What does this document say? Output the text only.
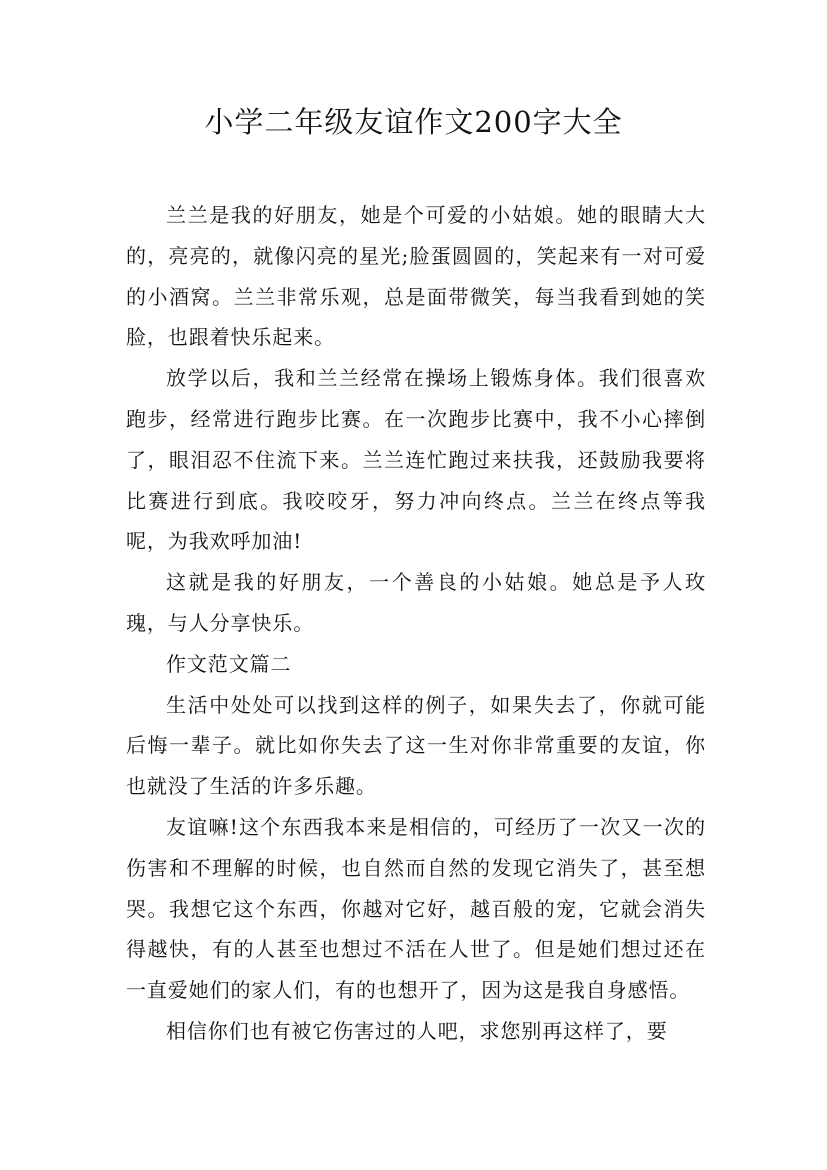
小学二年级友谊作文200字大全

兰兰是我的好朋友，她是个可爱的小姑娘。她的眼睛大大的，亮亮的，就像闪亮的星光;脸蛋圆圆的，笑起来有一对可爱的小酒窝。兰兰非常乐观，总是面带微笑，每当我看到她的笑脸，也跟着快乐起来。

放学以后，我和兰兰经常在操场上锻炼身体。我们很喜欢跑步，经常进行跑步比赛。在一次跑步比赛中，我不小心摔倒了，眼泪忍不住流下来。兰兰连忙跑过来扶我，还鼓励我要将比赛进行到底。我咬咬牙，努力冲向终点。兰兰在终点等我呢，为我欢呼加油!

这就是我的好朋友，一个善良的小姑娘。她总是予人玫瑰，与人分享快乐。

作文范文篇二

生活中处处可以找到这样的例子，如果失去了，你就可能后悔一辈子。就比如你失去了这一生对你非常重要的友谊，你也就没了生活的许多乐趣。

友谊嘛!这个东西我本来是相信的，可经历了一次又一次的伤害和不理解的时候，也自然而自然的发现它消失了，甚至想哭。我想它这个东西，你越对它好，越百般的宠，它就会消失得越快，有的人甚至也想过不活在人世了。但是她们想过还在一直爱她们的家人们，有的也想开了，因为这是我自身感悟。

相信你们也有被它伤害过的人吧，求您别再这样了，要
